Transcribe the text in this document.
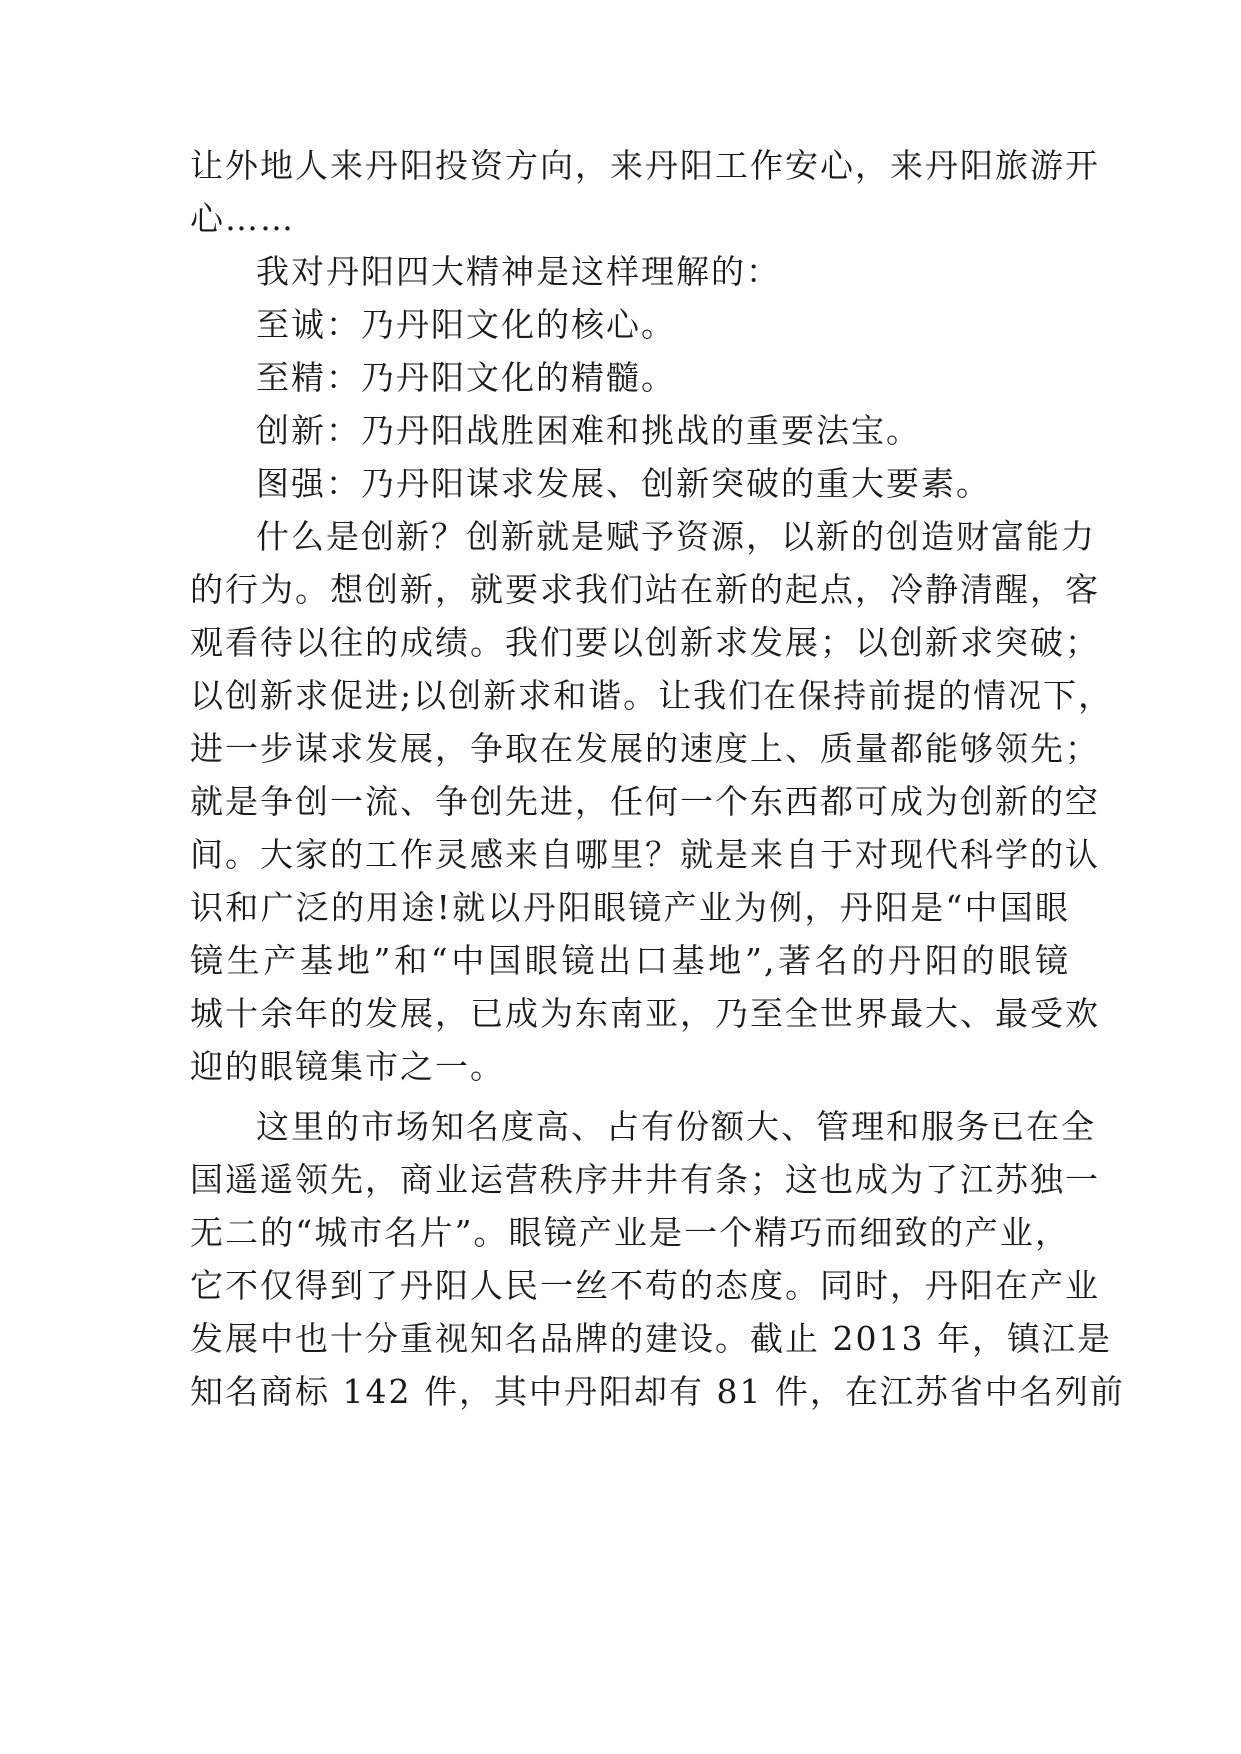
让外地人来丹阳投资方向，来丹阳工作安心，来丹阳旅游开
心……
我对丹阳四大精神是这样理解的：
至诚：乃丹阳文化的核心。
至精：乃丹阳文化的精髓。
创新：乃丹阳战胜困难和挑战的重要法宝。
图强：乃丹阳谋求发展、创新突破的重大要素。
什么是创新？创新就是赋予资源，以新的创造财富能力
的行为。想创新，就要求我们站在新的起点，冷静清醒，客
观看待以往的成绩。我们要以创新求发展；以创新求突破；
以创新求促进;以创新求和谐。让我们在保持前提的情况下，
进一步谋求发展，争取在发展的速度上、质量都能够领先；
就是争创一流、争创先进，任何一个东西都可成为创新的空
间。大家的工作灵感来自哪里？就是来自于对现代科学的认
识和广泛的用途!就以丹阳眼镜产业为例，丹阳是“中国眼
镜生产基地”和“中国眼镜出口基地”,著名的丹阳的眼镜
城十余年的发展，已成为东南亚，乃至全世界最大、最受欢
迎的眼镜集市之一。
这里的市场知名度高、占有份额大、管理和服务已在全
国遥遥领先，商业运营秩序井井有条；这也成为了江苏独一
无二的“城市名片”。眼镜产业是一个精巧而细致的产业，
它不仅得到了丹阳人民一丝不苟的态度。同时，丹阳在产业
发展中也十分重视知名品牌的建设。截止 2013 年，镇江是
知名商标 142 件，其中丹阳却有 81 件，在江苏省中名列前
